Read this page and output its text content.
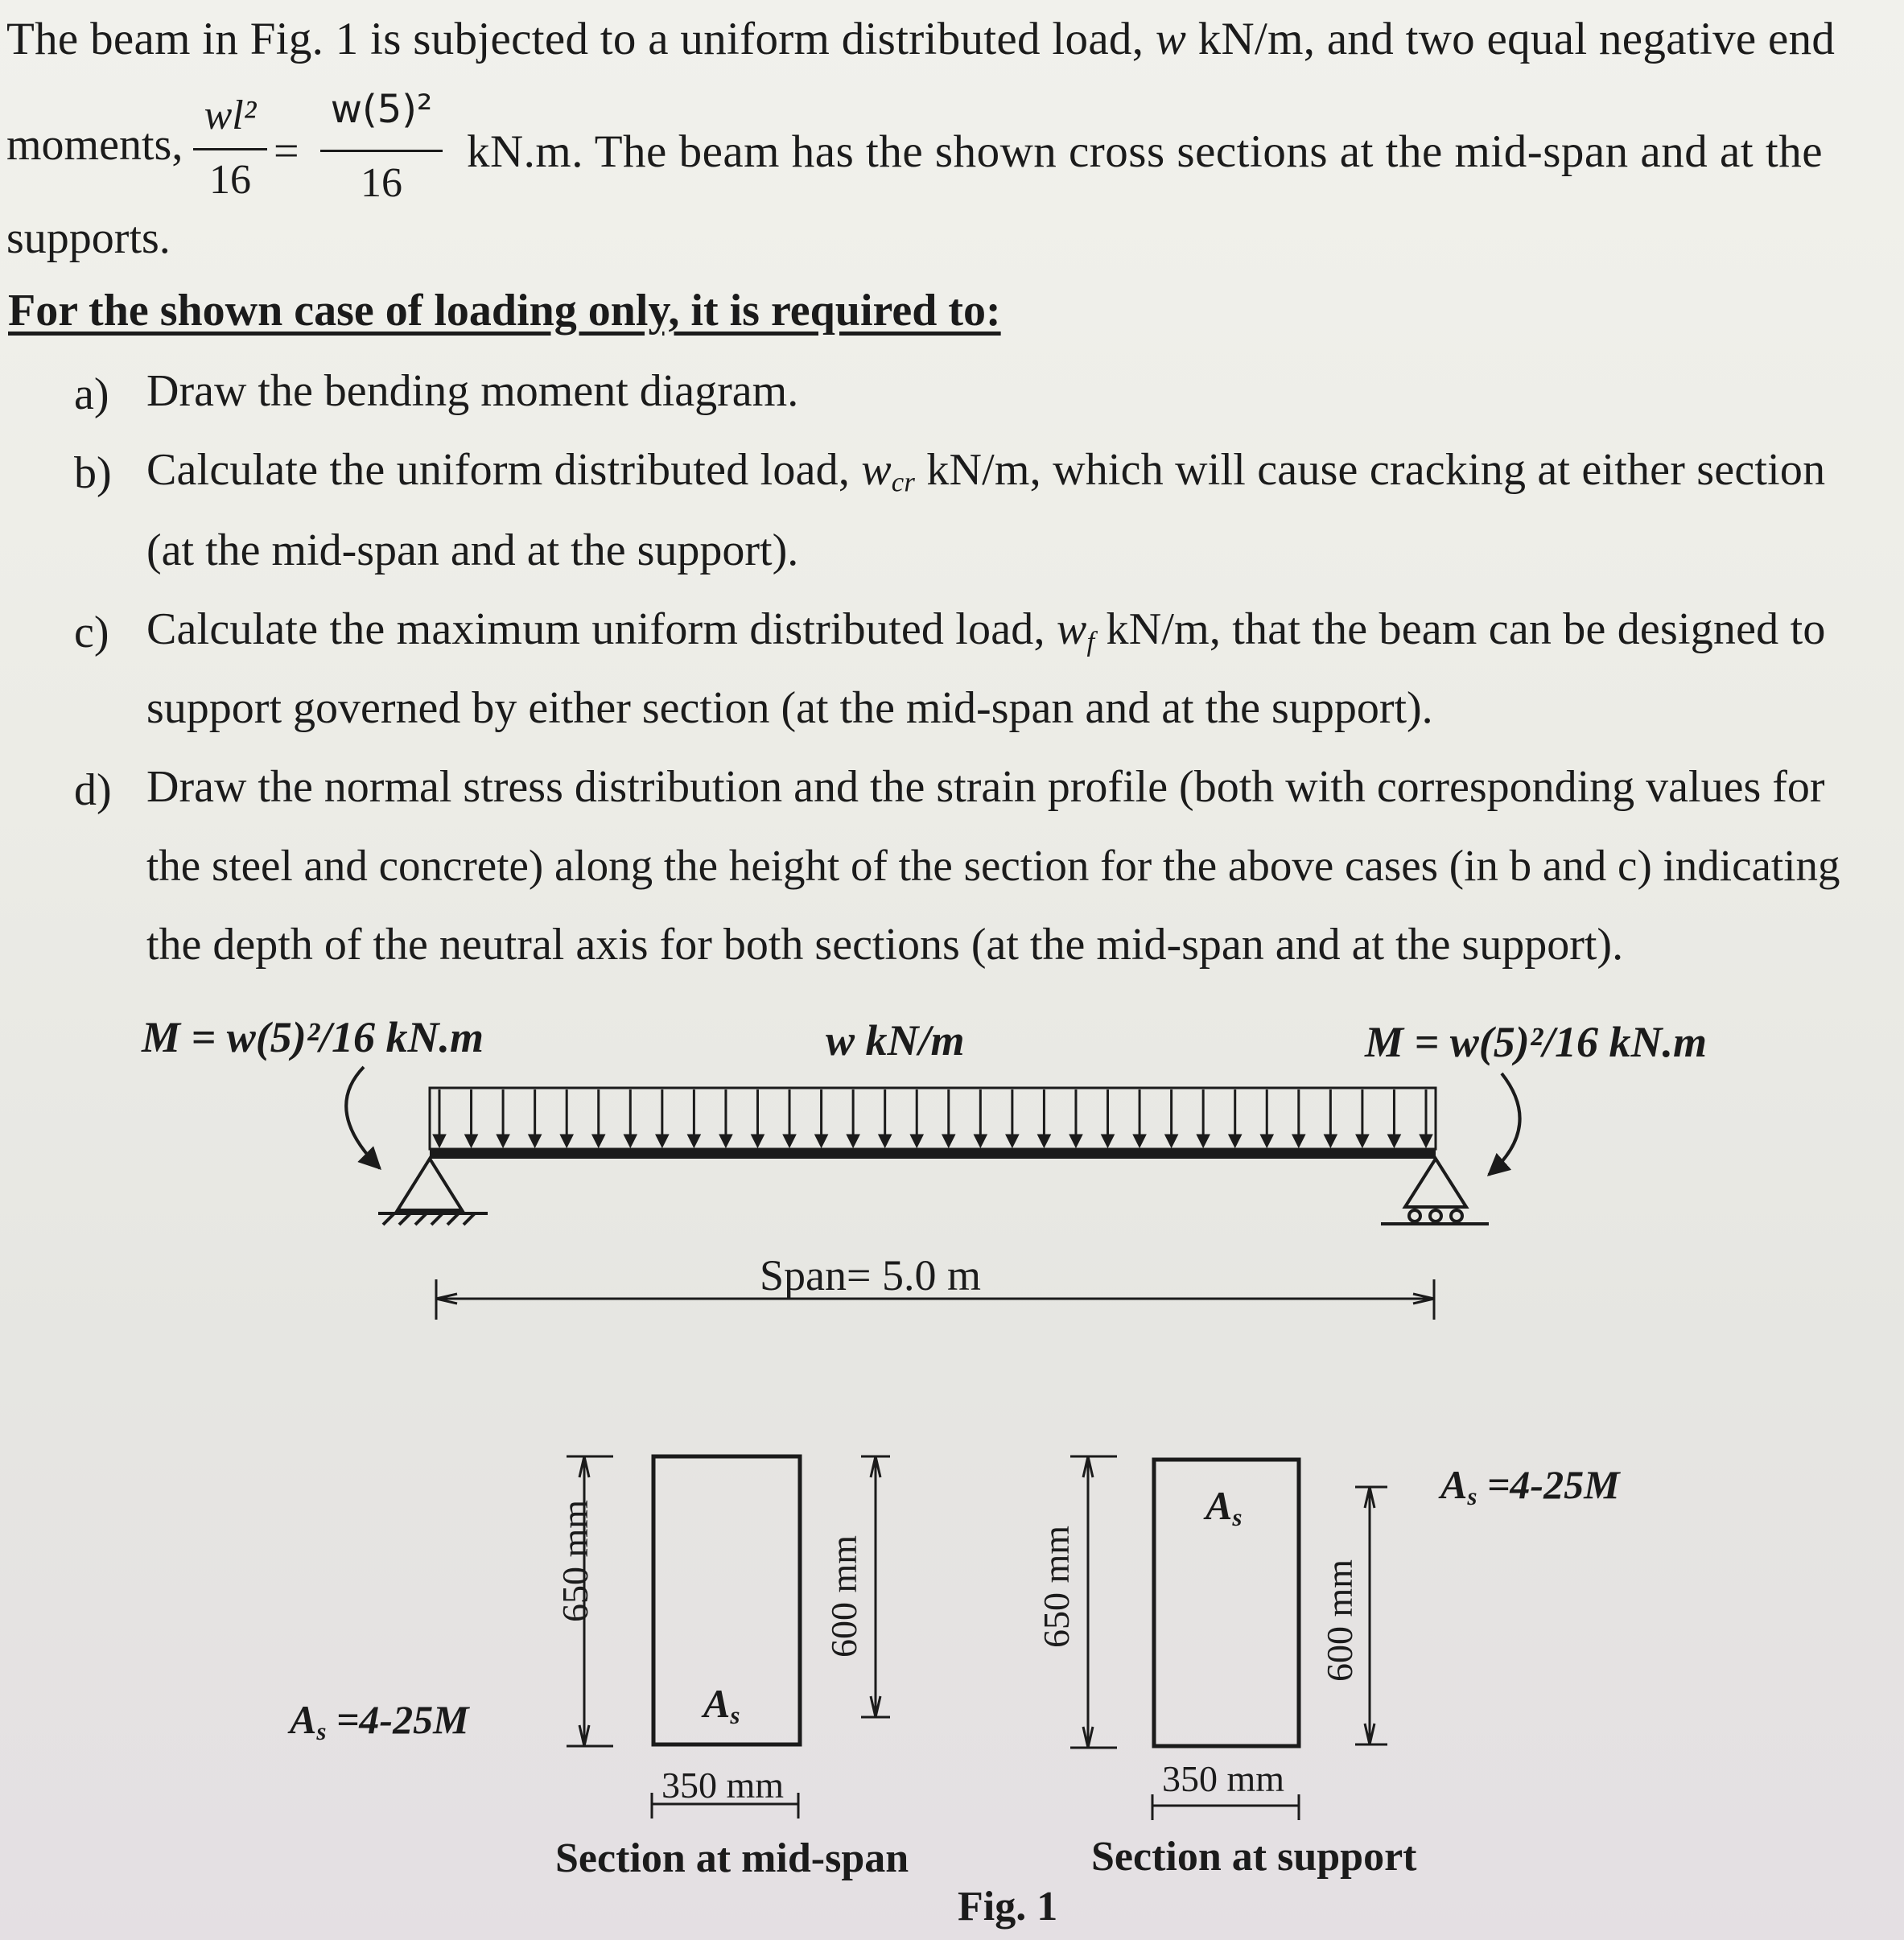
The beam in Fig. 1 is subjected to a uniform distributed load, w kN/m, and two equal negative end
moments,
wl²
16
=
w(5)²
16
kN.m. The beam has the shown cross sections at the mid-span and at the
supports.
For the shown case of loading only, it is required to:
a) Draw the bending moment diagram.
b) Calculate the uniform distributed load, $w_{cr}$ kN/m, which will cause cracking at either section
(at the mid-span and at the support).
c) Calculate the maximum uniform distributed load, $w_f$ kN/m, that the beam can be designed to
support governed by either section (at the mid-span and at the support).
d) Draw the normal stress distribution and the strain profile (both with corresponding values for
the steel and concrete) along the height of the section for the above cases (in b and c) indicating
the depth of the neutral axis for both sections (at the mid-span and at the support).
M = w(5)²/16 kN.m	w kN/m	M = w(5)²/16 kN.m
Span= 5.0 m
$A_s =4-25M$	$A_s$
650 mm	600 mm
350 mm
Section at mid-span
$A_s =4-25M$
$A_s$
650 mm	600 mm
350 mm
Section at support
Fig. 1
